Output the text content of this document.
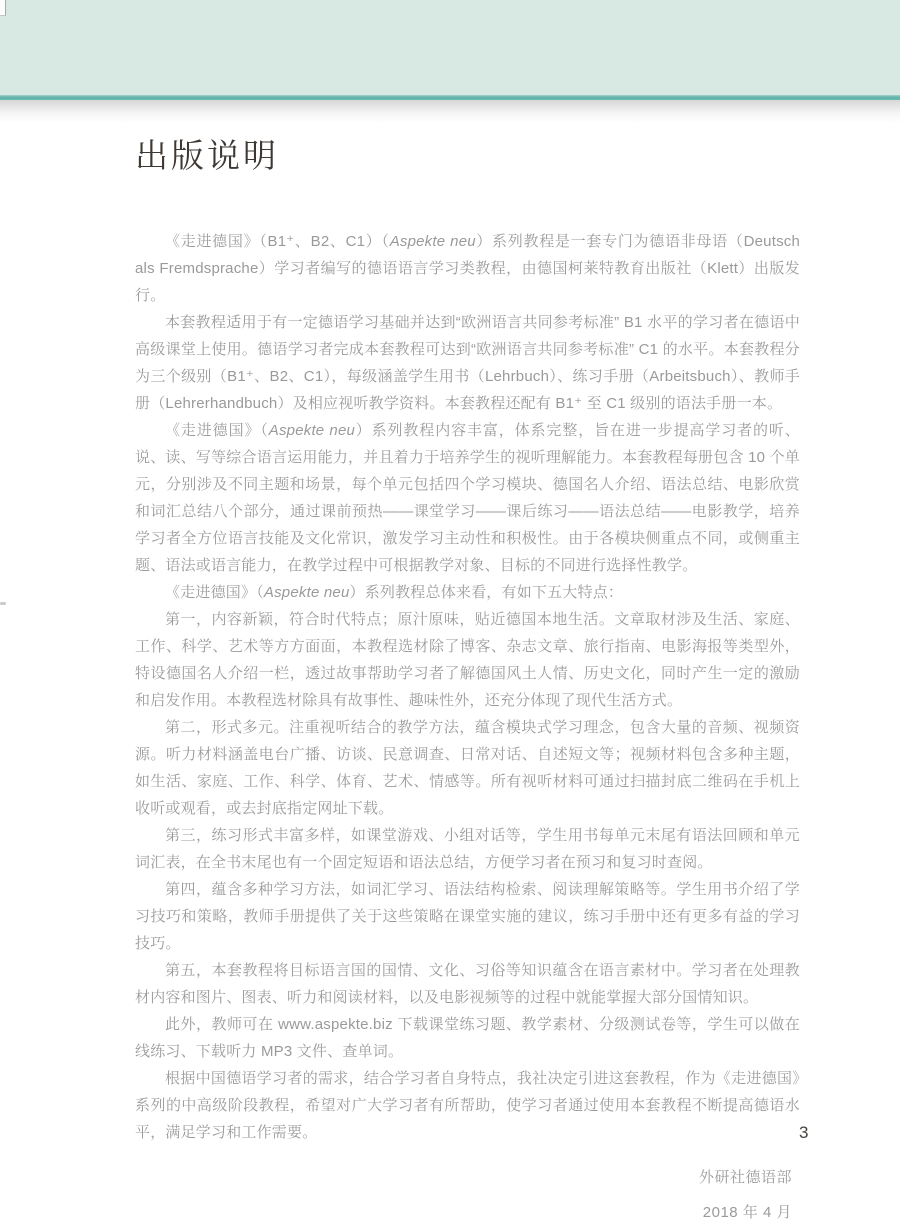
出版说明

《走进德国》（B1⁺、B2、C1）（Aspekte neu）系列教程是一套专门为德语非母语（Deutsch als Fremdsprache）学习者编写的德语语言学习类教程，由德国柯莱特教育出版社（Klett）出版发行。

本套教程适用于有一定德语学习基础并达到“欧洲语言共同参考标准” B1 水平的学习者在德语中高级课堂上使用。德语学习者完成本套教程可达到“欧洲语言共同参考标准” C1 的水平。本套教程分为三个级别（B1⁺、B2、C1），每级涵盖学生用书（Lehrbuch）、练习手册（Arbeitsbuch）、教师手册（Lehrerhandbuch）及相应视听教学资料。本套教程还配有 B1⁺ 至 C1 级别的语法手册一本。

《走进德国》（Aspekte neu）系列教程内容丰富，体系完整，旨在进一步提高学习者的听、说、读、写等综合语言运用能力，并且着力于培养学生的视听理解能力。本套教程每册包含 10 个单元，分别涉及不同主题和场景，每个单元包括四个学习模块、德国名人介绍、语法总结、电影欣赏和词汇总结八个部分，通过课前预热——课堂学习——课后练习——语法总结——电影教学，培养学习者全方位语言技能及文化常识，激发学习主动性和积极性。由于各模块侧重点不同，或侧重主题、语法或语言能力，在教学过程中可根据教学对象、目标的不同进行选择性教学。

《走进德国》（Aspekte neu）系列教程总体来看，有如下五大特点：

第一，内容新颖，符合时代特点；原汁原味，贴近德国本地生活。文章取材涉及生活、家庭、工作、科学、艺术等方方面面，本教程选材除了博客、杂志文章、旅行指南、电影海报等类型外，特设德国名人介绍一栏，透过故事帮助学习者了解德国风土人情、历史文化，同时产生一定的激励和启发作用。本教程选材除具有故事性、趣味性外，还充分体现了现代生活方式。

第二，形式多元。注重视听结合的教学方法，蕴含模块式学习理念，包含大量的音频、视频资源。听力材料涵盖电台广播、访谈、民意调查、日常对话、自述短文等；视频材料包含多种主题，如生活、家庭、工作、科学、体育、艺术、情感等。所有视听材料可通过扫描封底二维码在手机上收听或观看，或去封底指定网址下载。

第三，练习形式丰富多样，如课堂游戏、小组对话等，学生用书每单元末尾有语法回顾和单元词汇表，在全书末尾也有一个固定短语和语法总结，方便学习者在预习和复习时查阅。

第四，蕴含多种学习方法，如词汇学习、语法结构检索、阅读理解策略等。学生用书介绍了学习技巧和策略，教师手册提供了关于这些策略在课堂实施的建议，练习手册中还有更多有益的学习技巧。

第五，本套教程将目标语言国的国情、文化、习俗等知识蕴含在语言素材中。学习者在处理教材内容和图片、图表、听力和阅读材料，以及电影视频等的过程中就能掌握大部分国情知识。

此外，教师可在 www.aspekte.biz 下载课堂练习题、教学素材、分级测试卷等，学生可以做在线练习、下载听力 MP3 文件、查单词。

根据中国德语学习者的需求，结合学习者自身特点，我社决定引进这套教程，作为《走进德国》系列的中高级阶段教程，希望对广大学习者有所帮助，使学习者通过使用本套教程不断提高德语水平，满足学习和工作需要。

外研社德语部
2018 年 4 月
3
